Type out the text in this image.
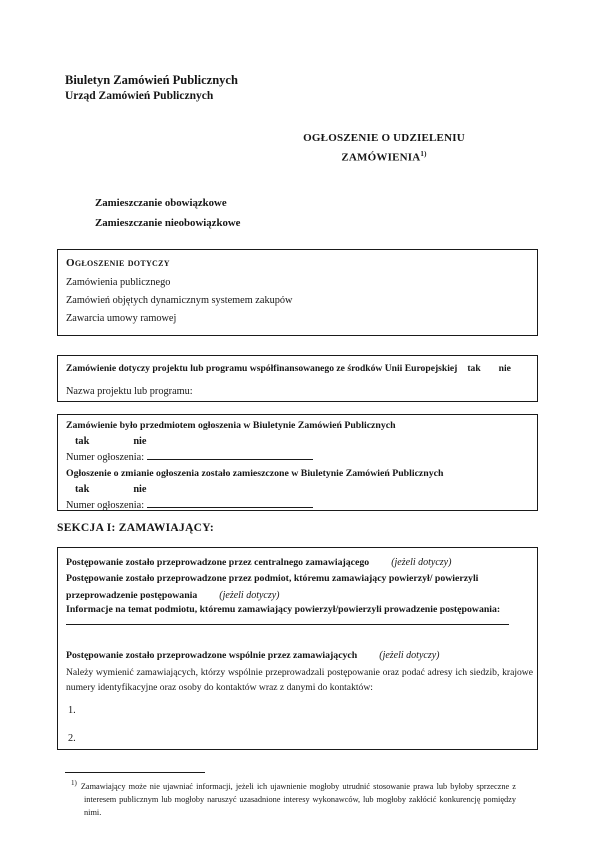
Biuletyn Zamówień Publicznych
Urząd Zamówień Publicznych
OGŁOSZENIE O UDZIELENIU
ZAMÓWIENIA$^{1)}$
Zamieszczanie obowiązkowe
Zamieszczanie nieobowiązkowe
Ogłoszenie dotyczy
Zamówienia publicznego
Zamówień objętych dynamicznym systemem zakupów
Zawarcia umowy ramowej
Zamówienie dotyczy projektu lub programu współfinansowanego ze środków Unii Europejskiej tak nie
Nazwa projektu lub programu:
Zamówienie było przedmiotem ogłoszenia w Biuletynie Zamówień Publicznych
tak	nie
Numer ogłoszenia:
Ogłoszenie o zmianie ogłoszenia zostało zamieszczone w Biuletynie Zamówień Publicznych
tak	nie
Numer ogłoszenia:
SEKCJA I: ZAMAWIAJĄCY:

Postępowanie zostało przeprowadzone przez centralnego zamawiającego (jeżeli dotyczy)

Postępowanie zostało przeprowadzone przez podmiot, któremu zamawiający powierzył/ powierzyli przeprowadzenie postępowania (jeżeli dotyczy)

Informacje na temat podmiotu, któremu zamawiający powierzył/powierzyli prowadzenie postępowania:

Postępowanie zostało przeprowadzone wspólnie przez zamawiających (jeżeli dotyczy)

Należy wymienić zamawiających, którzy wspólnie przeprowadzali postępowanie oraz podać adresy ich siedzib, krajowe numery identyfikacyjne oraz osoby do kontaktów wraz z danymi do kontaktów:

1.

2.

$^{1)}$ Zamawiający może nie ujawniać informacji, jeżeli ich ujawnienie mogłoby utrudnić stosowanie prawa lub byłoby sprzeczne z interesem publicznym lub mogłoby naruszyć uzasadnione interesy wykonawców, lub mogłoby zakłócić konkurencję pomiędzy nimi.
